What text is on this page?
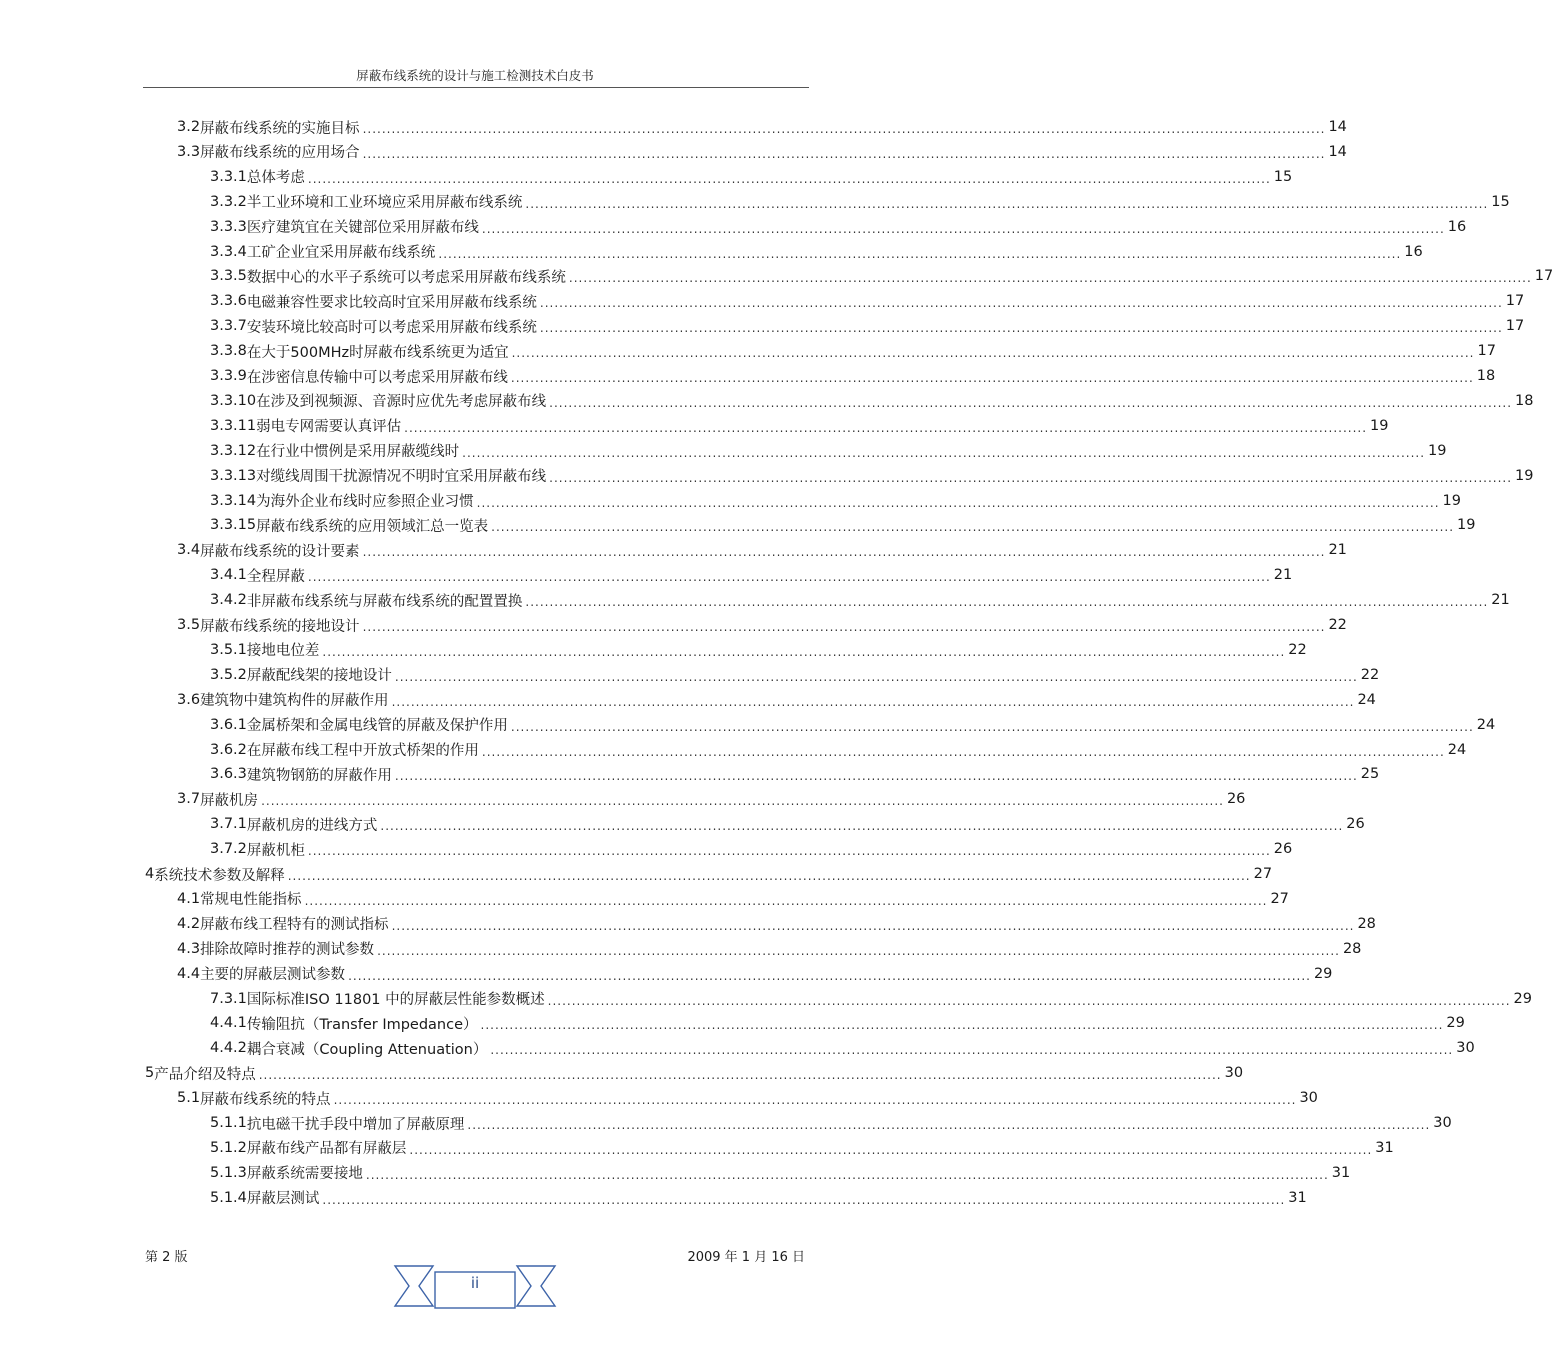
屏蔽布线系统的设计与施工检测技术白皮书
3.2 屏蔽布线系统的实施目标 ........................................................................................................................................................................................................ 14
3.3 屏蔽布线系统的应用场合 ........................................................................................................................................................................................................ 14
3.3.1 总体考虑 ........................................................................................................................................................................................................ 15
3.3.2 半工业环境和工业环境应采用屏蔽布线系统 ........................................................................................................................................................................................................ 15
3.3.3 医疗建筑宜在关键部位采用屏蔽布线 ........................................................................................................................................................................................................ 16
3.3.4 工矿企业宜采用屏蔽布线系统 ........................................................................................................................................................................................................ 16
3.3.5 数据中心的水平子系统可以考虑采用屏蔽布线系统 ........................................................................................................................................................................................................ 17
3.3.6 电磁兼容性要求比较高时宜采用屏蔽布线系统 ........................................................................................................................................................................................................ 17
3.3.7 安装环境比较高时可以考虑采用屏蔽布线系统 ........................................................................................................................................................................................................ 17
3.3.8 在大于500MHz时屏蔽布线系统更为适宜 ........................................................................................................................................................................................................ 17
3.3.9 在涉密信息传输中可以考虑采用屏蔽布线 ........................................................................................................................................................................................................ 18
3.3.10 在涉及到视频源、音源时应优先考虑屏蔽布线 ........................................................................................................................................................................................................ 18
3.3.11 弱电专网需要认真评估 ........................................................................................................................................................................................................ 19
3.3.12 在行业中惯例是采用屏蔽缆线时 ........................................................................................................................................................................................................ 19
3.3.13 对缆线周围干扰源情况不明时宜采用屏蔽布线 ........................................................................................................................................................................................................ 19
3.3.14 为海外企业布线时应参照企业习惯 ........................................................................................................................................................................................................ 19
3.3.15 屏蔽布线系统的应用领域汇总一览表 ........................................................................................................................................................................................................ 19
3.4 屏蔽布线系统的设计要素 ........................................................................................................................................................................................................ 21
3.4.1 全程屏蔽 ........................................................................................................................................................................................................ 21
3.4.2 非屏蔽布线系统与屏蔽布线系统的配置置换 ........................................................................................................................................................................................................ 21
3.5 屏蔽布线系统的接地设计 ........................................................................................................................................................................................................ 22
3.5.1 接地电位差 ........................................................................................................................................................................................................ 22
3.5.2 屏蔽配线架的接地设计 ........................................................................................................................................................................................................ 22
3.6 建筑物中建筑构件的屏蔽作用 ........................................................................................................................................................................................................ 24
3.6.1 金属桥架和金属电线管的屏蔽及保护作用 ........................................................................................................................................................................................................ 24
3.6.2 在屏蔽布线工程中开放式桥架的作用 ........................................................................................................................................................................................................ 24
3.6.3 建筑物钢筋的屏蔽作用 ........................................................................................................................................................................................................ 25
3.7 屏蔽机房 ........................................................................................................................................................................................................ 26
3.7.1 屏蔽机房的进线方式 ........................................................................................................................................................................................................ 26
3.7.2 屏蔽机柜 ........................................................................................................................................................................................................ 26
4 系统技术参数及解释 ........................................................................................................................................................................................................ 27
4.1 常规电性能指标 ........................................................................................................................................................................................................ 27
4.2 屏蔽布线工程特有的测试指标 ........................................................................................................................................................................................................ 28
4.3 排除故障时推荐的测试参数 ........................................................................................................................................................................................................ 28
4.4 主要的屏蔽层测试参数 ........................................................................................................................................................................................................ 29
7.3.1 国际标准ISO 11801 中的屏蔽层性能参数概述 ........................................................................................................................................................................................................ 29
4.4.1 传输阻抗（Transfer Impedance） ........................................................................................................................................................................................................ 29
4.4.2 耦合衰减（Coupling Attenuation） ........................................................................................................................................................................................................ 30
5 产品介绍及特点 ........................................................................................................................................................................................................ 30
5.1 屏蔽布线系统的特点 ........................................................................................................................................................................................................ 30
5.1.1 抗电磁干扰手段中增加了屏蔽原理 ........................................................................................................................................................................................................ 30
5.1.2 屏蔽布线产品都有屏蔽层 ........................................................................................................................................................................................................ 31
5.1.3 屏蔽系统需要接地 ........................................................................................................................................................................................................ 31
5.1.4 屏蔽层测试 ........................................................................................................................................................................................................ 31
第 2 版	2009 年 1 月 16 日
ii
